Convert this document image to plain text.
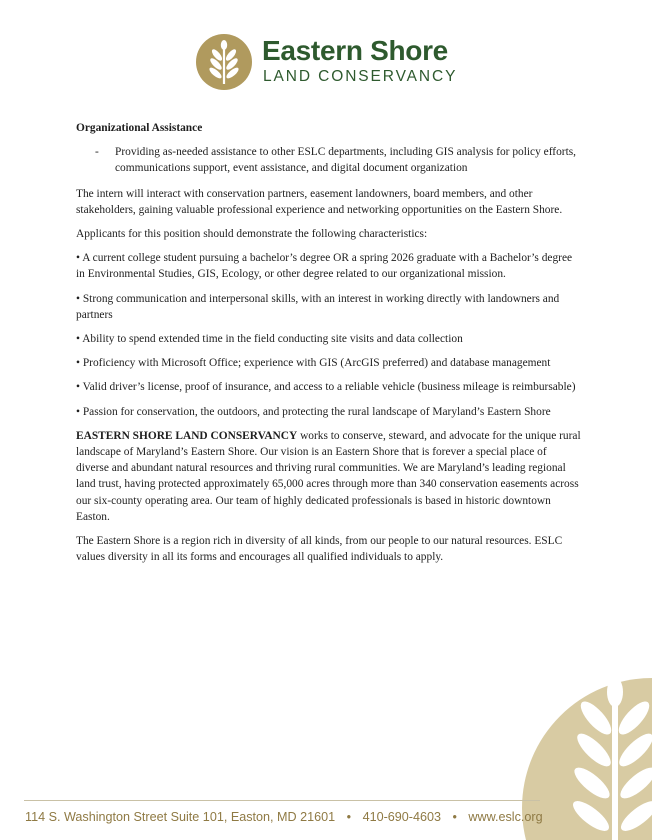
Eastern Shore
LAND CONSERVANCY

Organizational Assistance

- Providing as-needed assistance to other ESLC departments, including GIS analysis for policy efforts, communications support, event assistance, and digital document organization

The intern will interact with conservation partners, easement landowners, board members, and other stakeholders, gaining valuable professional experience and networking opportunities on the Eastern Shore.

Applicants for this position should demonstrate the following characteristics:

• A current college student pursuing a bachelor’s degree OR a spring 2026 graduate with a Bachelor’s degree in Environmental Studies, GIS, Ecology, or other degree related to our organizational mission.

• Strong communication and interpersonal skills, with an interest in working directly with landowners and partners

• Ability to spend extended time in the field conducting site visits and data collection

• Proficiency with Microsoft Office; experience with GIS (ArcGIS preferred) and database management

• Valid driver’s license, proof of insurance, and access to a reliable vehicle (business mileage is reimbursable)

• Passion for conservation, the outdoors, and protecting the rural landscape of Maryland’s Eastern Shore

EASTERN SHORE LAND CONSERVANCY works to conserve, steward, and advocate for the unique rural landscape of Maryland’s Eastern Shore. Our vision is an Eastern Shore that is forever a special place of diverse and abundant natural resources and thriving rural communities. We are Maryland’s leading regional land trust, having protected approximately 65,000 acres through more than 340 conservation easements across our six-county operating area. Our team of highly dedicated professionals is based in historic downtown Easton.

The Eastern Shore is a region rich in diversity of all kinds, from our people to our natural resources. ESLC values diversity in all its forms and encourages all qualified individuals to apply.

114 S. Washington Street Suite 101, Easton, MD 21601 • 410-690-4603 • www.eslc.org
